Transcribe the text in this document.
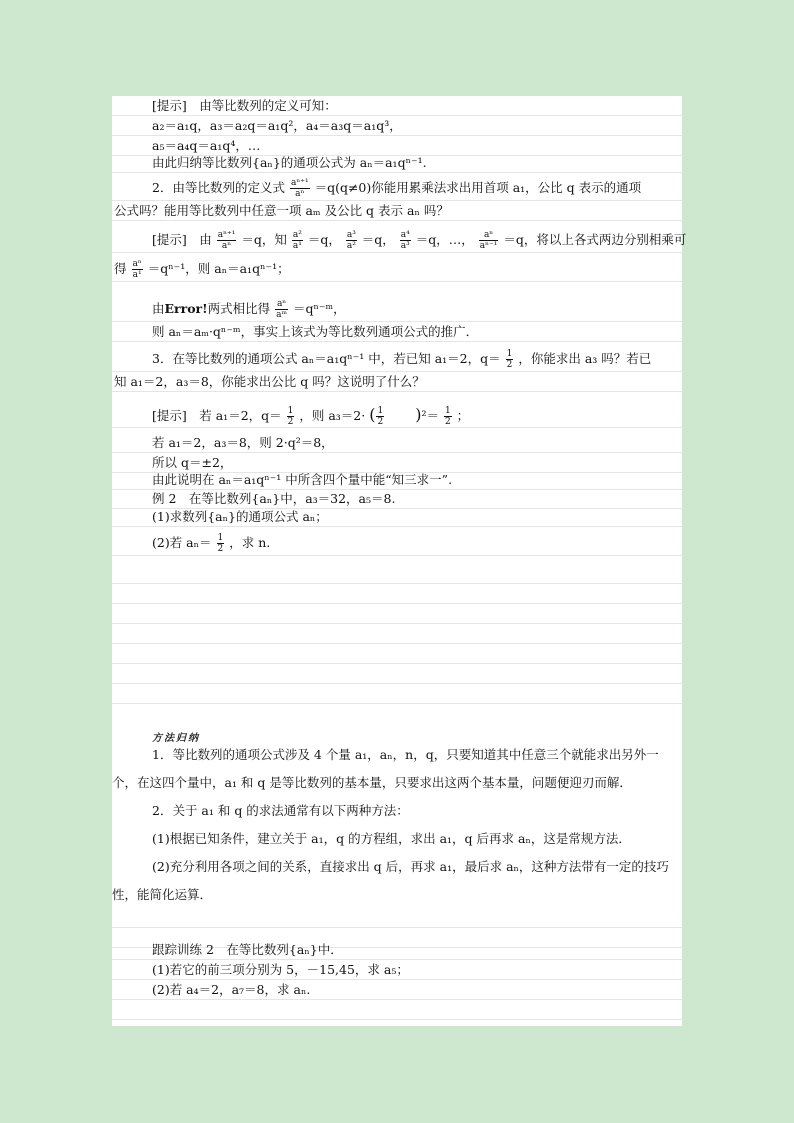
[提示]　由等比数列的定义可知：
a₂＝a₁q，a₃＝a₂q＝a₁q²，a₄＝a₃q＝a₁q³，
a₅＝a₄q＝a₁q⁴，…
由此归纳等比数列{aₙ}的通项公式为 aₙ＝a₁qⁿ⁻¹.
2．由等比数列的定义式 $\frac{\text{aⁿ⁺¹}}{\text{aⁿ}} =q(q\ne 0)$你能用累乘法求出用首项 a₁，公比 q 表示的通项
公式吗？能用等比数列中任意一项 aₘ 及公比 q 表示 aₙ 吗？
[提示]　由 $\frac{\text{aⁿ⁺¹}}{\text{aⁿ}} =q$，知 $\frac{\text{a²}}{\text{a¹}} =q$， $\frac{\text{a³}}{\text{a²}} =q$， $\frac{\text{a⁴}}{\text{a³}} =q$，…， $\frac{\text{aⁿ}}{\text{aⁿ⁻¹}} =q$，将以上各式两边分别相乘可
得 $\frac{\text{aⁿ}}{\text{a¹}} =q^{n-1}$，则 aₙ＝a₁qⁿ⁻¹；
由Error!两式相比得 $\frac{\text{aⁿ}}{\text{aᵐ}}$ ＝qⁿ⁻ᵐ，
则 aₙ＝aₘ·qⁿ⁻ᵐ，事实上该式为等比数列通项公式的推广．
3．在等比数列的通项公式 aₙ＝a₁qⁿ⁻¹ 中，若已知 a₁＝2，$q= \frac{1}{2}$ ，你能求出 a₃ 吗？若已
知 a₁＝2，a₃＝8，你能求出公比 q 吗？这说明了什么？
[提示]　若 a₁＝2，$q= \frac{1}{2}$ ，则 a₃＝2· ( $\frac{1}{2} )^2= \frac{1}{2}$ ；
若 a₁＝2，a₃＝8，则 2·q²＝8，
所以 q＝±2，
由此说明在 aₙ＝a₁qⁿ⁻¹ 中所含四个量中能“知三求一”.
例 2　在等比数列{aₙ}中，a₃＝32，a₅＝8.
(1)求数列{aₙ}的通项公式 aₙ；
(2)若 $a_n= \frac{1}{2}$ ，求 n.
方法归纳

1．等比数列的通项公式涉及 4 个量 a₁，aₙ，n，q，只要知道其中任意三个就能求出另外一个，在这四个量中，a₁ 和 q 是等比数列的基本量，只要求出这两个基本量，问题便迎刃而解．

2．关于 a₁ 和 q 的求法通常有以下两种方法：

(1)根据已知条件，建立关于 a₁，q 的方程组，求出 a₁，q 后再求 aₙ，这是常规方法．

(2)充分利用各项之间的关系，直接求出 q 后，再求 a₁，最后求 aₙ，这种方法带有一定的技巧性，能简化运算．

跟踪训练 2　在等比数列{aₙ}中．
(1)若它的前三项分别为 5，－15,45，求 a₅；
(2)若 a₄＝2，a₇＝8，求 aₙ.
